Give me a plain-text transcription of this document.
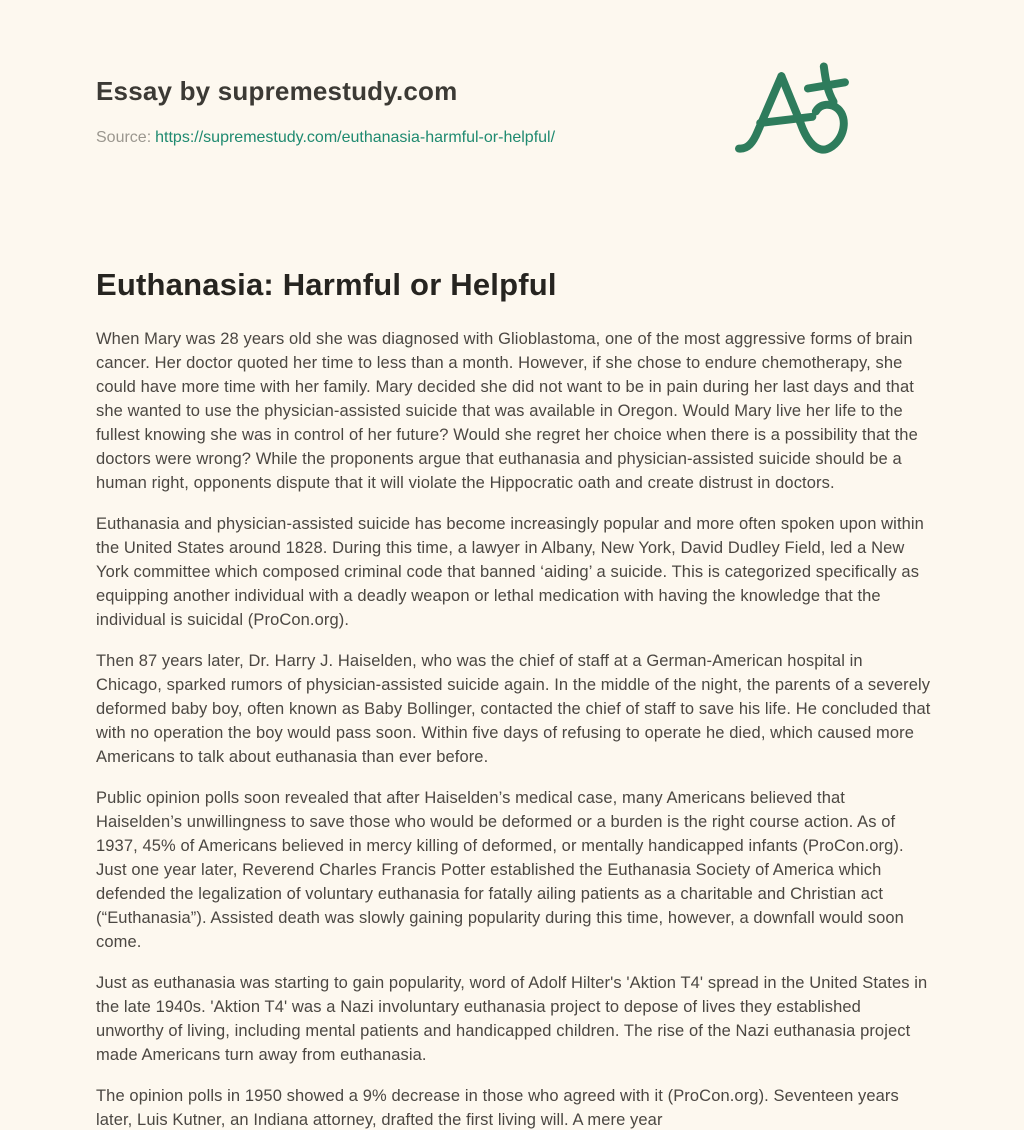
Essay by supremestudy.com

Source: https://supremestudy.com/euthanasia-harmful-or-helpful/

Euthanasia: Harmful or Helpful

When Mary was 28 years old she was diagnosed with Glioblastoma, one of the most aggressive forms of brain cancer. Her doctor quoted her time to less than a month. However, if she chose to endure chemotherapy, she could have more time with her family. Mary decided she did not want to be in pain during her last days and that she wanted to use the physician-assisted suicide that was available in Oregon. Would Mary live her life to the fullest knowing she was in control of her future? Would she regret her choice when there is a possibility that the doctors were wrong? While the proponents argue that euthanasia and physician-assisted suicide should be a human right, opponents dispute that it will violate the Hippocratic oath and create distrust in doctors.

Euthanasia and physician-assisted suicide has become increasingly popular and more often spoken upon within the United States around 1828. During this time, a lawyer in Albany, New York, David Dudley Field, led a New York committee which composed criminal code that banned ‘aiding’ a suicide. This is categorized specifically as equipping another individual with a deadly weapon or lethal medication with having the knowledge that the individual is suicidal (ProCon.org).

Then 87 years later, Dr. Harry J. Haiselden, who was the chief of staff at a German-American hospital in Chicago, sparked rumors of physician-assisted suicide again. In the middle of the night, the parents of a severely deformed baby boy, often known as Baby Bollinger, contacted the chief of staff to save his life. He concluded that with no operation the boy would pass soon. Within five days of refusing to operate he died, which caused more Americans to talk about euthanasia than ever before.

Public opinion polls soon revealed that after Haiselden’s medical case, many Americans believed that Haiselden’s unwillingness to save those who would be deformed or a burden is the right course action. As of 1937, 45% of Americans believed in mercy killing of deformed, or mentally handicapped infants (ProCon.org). Just one year later, Reverend Charles Francis Potter established the Euthanasia Society of America which defended the legalization of voluntary euthanasia for fatally ailing patients as a charitable and Christian act (“Euthanasia”). Assisted death was slowly gaining popularity during this time, however, a downfall would soon come.

Just as euthanasia was starting to gain popularity, word of Adolf Hilter's 'Aktion T4' spread in the United States in the late 1940s. 'Aktion T4' was a Nazi involuntary euthanasia project to depose of lives they established unworthy of living, including mental patients and handicapped children. The rise of the Nazi euthanasia project made Americans turn away from euthanasia.

The opinion polls in 1950 showed a 9% decrease in those who agreed with it (ProCon.org). Seventeen years later, Luis Kutner, an Indiana attorney, drafted the first living will. A mere year
